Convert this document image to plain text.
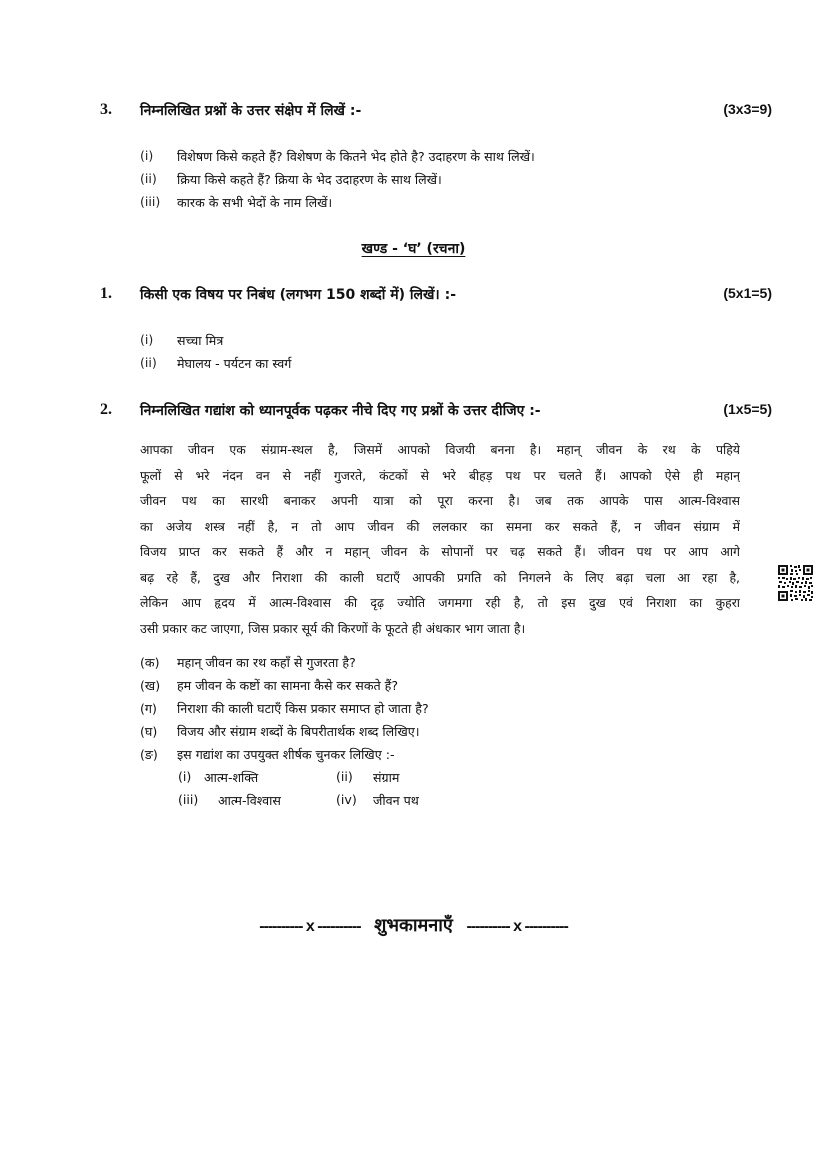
3. निम्नलिखित प्रश्नों के उत्तर संक्षेप में लिखें :-	(3x3=9)
(i) विशेषण किसे कहते हैं? विशेषण के कितने भेद होते है? उदाहरण के साथ लिखें।
(ii) क्रिया किसे कहते हैं? क्रिया के भेद उदाहरण के साथ लिखें।
(iii) कारक के सभी भेदों के नाम लिखें।
खण्ड - ‘घ’ (रचना)
1. किसी एक विषय पर निबंध (लगभग 150 शब्दों में) लिखें। :-	(5x1=5)
(i) सच्चा मित्र
(ii) मेघालय - पर्यटन का स्वर्ग
2. निम्नलिखित गद्यांश को ध्यानपूर्वक पढ़कर नीचे दिए गए प्रश्नों के उत्तर दीजिए :-	(1x5=5)
आपका जीवन एक संग्राम-स्थल है, जिसमें आपको विजयी बनना है। महान् जीवन के रथ के पहिये
फूलों से भरे नंदन वन से नहीं गुजरते, कंटकों से भरे बीहड़ पथ पर चलते हैं। आपको ऐसे ही महान्
जीवन पथ का सारथी बनाकर अपनी यात्रा को पूरा करना है। जब तक आपके पास आत्म-विश्वास
का अजेय शस्त्र नहीं है, न तो आप जीवन की ललकार का समना कर सकते हैं, न जीवन संग्राम में
विजय प्राप्त कर सकते हैं और न महान् जीवन के सोपानों पर चढ़ सकते हैं। जीवन पथ पर आप आगे
बढ़ रहे हैं, दुख और निराशा की काली घटाएँ आपकी प्रगति को निगलने के लिए बढ़ा चला आ रहा है,
लेकिन आप हृदय में आत्म-विश्वास की दृढ़ ज्योति जगमगा रही है, तो इस दुख एवं निराशा का कुहरा
उसी प्रकार कट जाएगा, जिस प्रकार सूर्य की किरणों के फूटते ही अंधकार भाग जाता है।
(क) महान् जीवन का रथ कहाँ से गुजरता है?
(ख) हम जीवन के कष्टों का सामना कैसे कर सकते हैं?
(ग) निराशा की काली घटाएँ किस प्रकार समाप्त हो जाता है?
(घ) विजय और संग्राम शब्दों के बिपरीतार्थक शब्द लिखिए।
(ङ) इस गद्यांश का उपयुक्त शीर्षक चुनकर लिखिए :-
(i) आत्म-शक्ति	(ii) संग्राम
(iii) आत्म-विश्वास	(iv) जीवन पथ
---------- x ---------- शुभकामनाएँ ---------- x ----------
